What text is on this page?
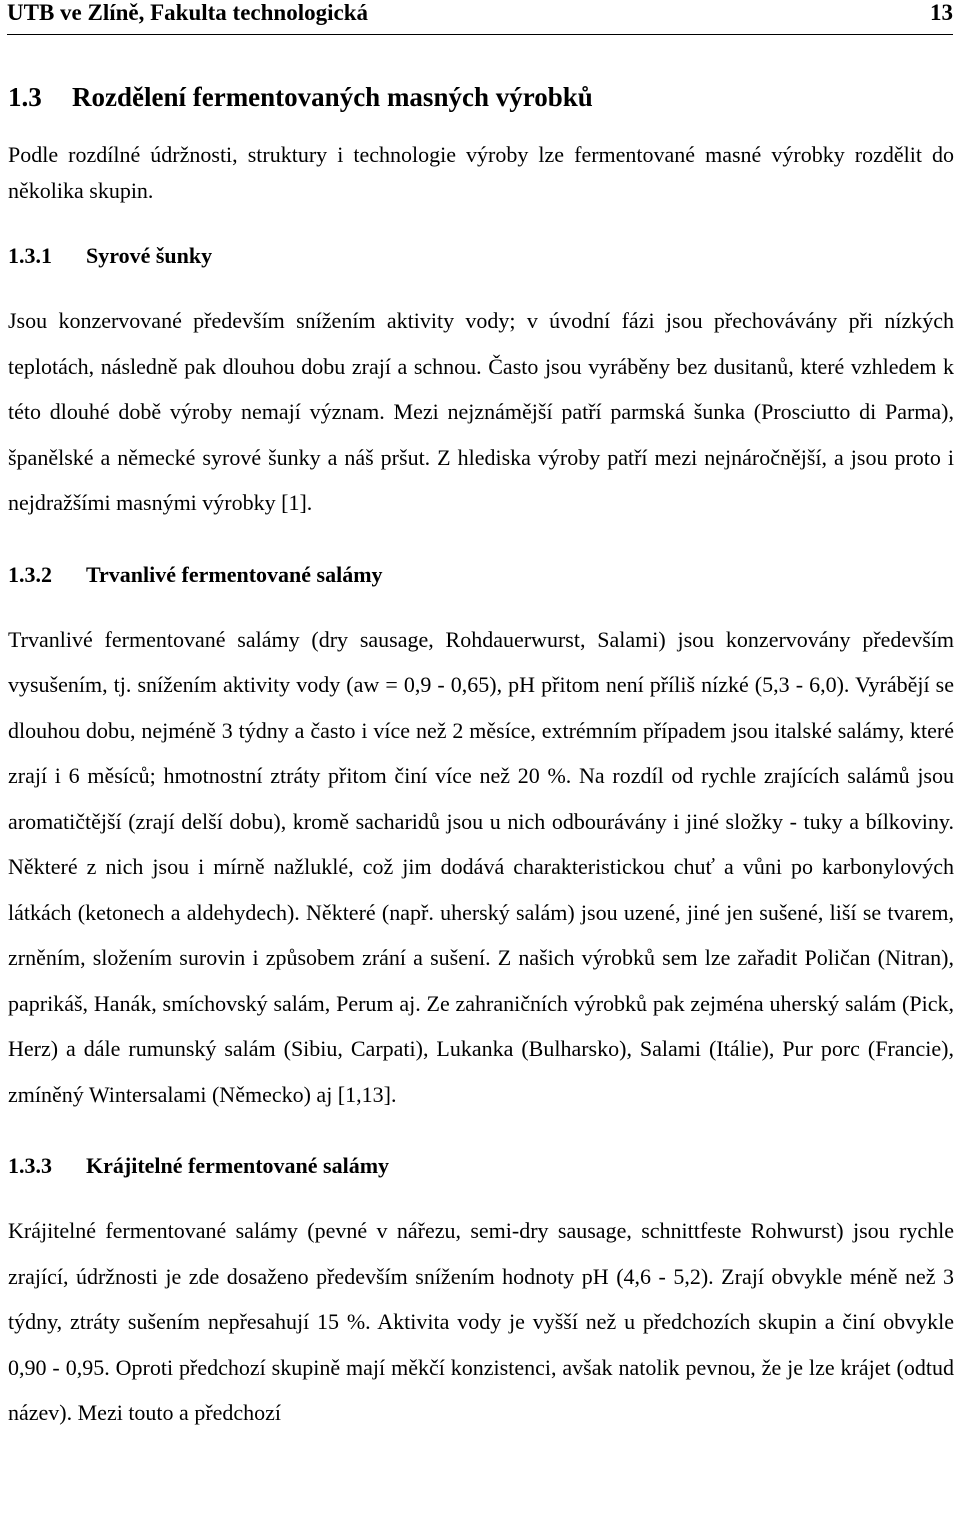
UTB ve Zlíně, Fakulta technologická	13
1.3 Rozdělení fermentovaných masných výrobků

Podle rozdílné údržnosti, struktury i technologie výroby lze fermentované masné výrobky rozdělit do několika skupin.

1.3.1 Syrové šunky

Jsou konzervované především snížením aktivity vody; v úvodní fázi jsou přechovávány při nízkých teplotách, následně pak dlouhou dobu zrají a schnou. Často jsou vyráběny bez dusitanů, které vzhledem k této dlouhé době výroby nemají význam. Mezi nejznámější patří parmská šunka (Prosciutto di Parma), španělské a německé syrové šunky a náš pršut. Z hlediska výroby patří mezi nejnáročnější, a jsou proto i nejdražšími masnými výrobky [1].

1.3.2 Trvanlivé fermentované salámy

Trvanlivé fermentované salámy (dry sausage, Rohdauerwurst, Salami) jsou konzervovány především vysušením, tj. snížením aktivity vody (aw = 0,9 - 0,65), pH přitom není příliš nízké (5,3 - 6,0). Vyrábějí se dlouhou dobu, nejméně 3 týdny a často i více než 2 měsíce, extrémním případem jsou italské salámy, které zrají i 6 měsíců; hmotnostní ztráty přitom činí více než 20 %. Na rozdíl od rychle zrajících salámů jsou aromatičtější (zrají delší dobu), kromě sacharidů jsou u nich odbourávány i jiné složky - tuky a bílkoviny. Některé z nich jsou i mírně nažluklé, což jim dodává charakteristickou chuť a vůni po karbonylových látkách (ketonech a aldehydech). Některé (např. uherský salám) jsou uzené, jiné jen sušené, liší se tvarem, zrněním, složením surovin i způsobem zrání a sušení. Z našich výrobků sem lze zařadit Poličan (Nitran), paprikáš, Hanák, smíchovský salám, Perum aj. Ze zahraničních výrobků pak zejména uherský salám (Pick, Herz) a dále rumunský salám (Sibiu, Carpati), Lukanka (Bulharsko), Salami (Itálie), Pur porc (Francie), zmíněný Wintersalami (Německo) aj [1,13].

1.3.3 Krájitelné fermentované salámy

Krájitelné fermentované salámy (pevné v nářezu, semi-dry sausage, schnittfeste Rohwurst) jsou rychle zrající, údržnosti je zde dosaženo především snížením hodnoty pH (4,6 - 5,2). Zrají obvykle méně než 3 týdny, ztráty sušením nepřesahují 15 %. Aktivita vody je vyšší než u předchozích skupin a činí obvykle 0,90 - 0,95. Oproti předchozí skupině mají měkčí konzistenci, avšak natolik pevnou, že je lze krájet (odtud název). Mezi touto a předchozí
